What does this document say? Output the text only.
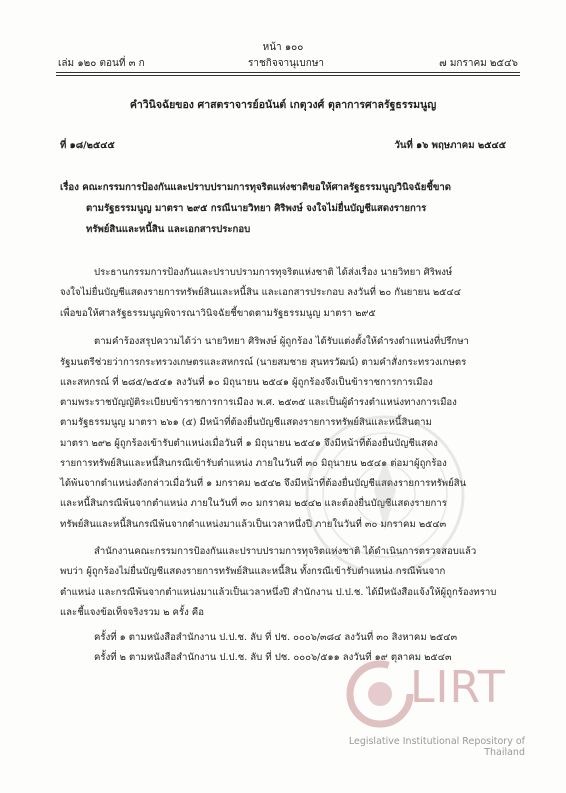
หน้า ๑๐๐
เล่ม ๑๒๐ ตอนที่ ๓ ก	ราชกิจจานุเบกษา	๗ มกราคม ๒๕๔๖
คำวินิจฉัยของ ศาสตราจารย์อนันต์ เกตุวงศ์ ตุลาการศาลรัฐธรรมนูญ
ที่ ๑๘/๒๕๔๕	วันที่ ๑๖ พฤษภาคม ๒๕๔๕
เรื่อง คณะกรรมการป้องกันและปราบปรามการทุจริตแห่งชาติขอให้ศาลรัฐธรรมนูญวินิจฉัยชี้ขาด
ตามรัฐธรรมนูญ มาตรา ๒๙๕ กรณีนายวิทยา ศิริพงษ์ จงใจไม่ยื่นบัญชีแสดงรายการ
ทรัพย์สินและหนี้สิน และเอกสารประกอบ
ประธานกรรมการป้องกันและปราบปรามการทุจริตแห่งชาติ ได้ส่งเรื่อง นายวิทยา ศิริพงษ์
จงใจไม่ยื่นบัญชีแสดงรายการทรัพย์สินและหนี้สิน และเอกสารประกอบ ลงวันที่ ๒๐ กันยายน ๒๕๔๔
เพื่อขอให้ศาลรัฐธรรมนูญพิจารณาวินิจฉัยชี้ขาดตามรัฐธรรมนูญ มาตรา ๒๙๕
ตามคำร้องสรุปความได้ว่า นายวิทยา ศิริพงษ์ ผู้ถูกร้อง ได้รับแต่งตั้งให้ดำรงตำแหน่งที่ปรึกษา
รัฐมนตรีช่วยว่าการกระทรวงเกษตรและสหกรณ์ (นายสมชาย สุนทรวัฒน์) ตามคำสั่งกระทรวงเกษตร
และสหกรณ์ ที่ ๒๘๕/๒๕๔๑ ลงวันที่ ๑๐ มิถุนายน ๒๕๔๑ ผู้ถูกร้องจึงเป็นข้าราชการการเมือง
ตามพระราชบัญญัติระเบียบข้าราชการการเมือง พ.ศ. ๒๕๓๕ และเป็นผู้ดำรงตำแหน่งทางการเมือง
ตามรัฐธรรมนูญ มาตรา ๒๖๑ (๕) มีหน้าที่ต้องยื่นบัญชีแสดงรายการทรัพย์สินและหนี้สินตาม
มาตรา ๒๙๒ ผู้ถูกร้องเข้ารับตำแหน่งเมื่อวันที่ ๑ มิถุนายน ๒๕๔๑ จึงมีหน้าที่ต้องยื่นบัญชีแสดง
รายการทรัพย์สินและหนี้สินกรณีเข้ารับตำแหน่ง ภายในวันที่ ๓๐ มิถุนายน ๒๕๔๑ ต่อมาผู้ถูกร้อง
ได้พ้นจากตำแหน่งดังกล่าวเมื่อวันที่ ๑ มกราคม ๒๕๔๒ จึงมีหน้าที่ต้องยื่นบัญชีแสดงรายการทรัพย์สิน
และหนี้สินกรณีพ้นจากตำแหน่ง ภายในวันที่ ๓๐ มกราคม ๒๕๔๒ และต้องยื่นบัญชีแสดงรายการ
ทรัพย์สินและหนี้สินกรณีพ้นจากตำแหน่งมาแล้วเป็นเวลาหนึ่งปี ภายในวันที่ ๓๐ มกราคม ๒๕๔๓
สำนักงานคณะกรรมการป้องกันและปราบปรามการทุจริตแห่งชาติ ได้ดำเนินการตรวจสอบแล้ว
พบว่า ผู้ถูกร้องไม่ยื่นบัญชีแสดงรายการทรัพย์สินและหนี้สิน ทั้งกรณีเข้ารับตำแหน่ง กรณีพ้นจาก
ตำแหน่ง และกรณีพ้นจากตำแหน่งมาแล้วเป็นเวลาหนึ่งปี สำนักงาน ป.ป.ช. ได้มีหนังสือแจ้งให้ผู้ถูกร้องทราบ
และชี้แจงข้อเท็จจริงรวม ๒ ครั้ง คือ
ครั้งที่ ๑ ตามหนังสือสำนักงาน ป.ป.ช. ลับ ที่ ปช. ๐๐๐๖/๓๘๔ ลงวันที่ ๓๐ สิงหาคม ๒๕๔๓
ครั้งที่ ๒ ตามหนังสือสำนักงาน ป.ป.ช. ลับ ที่ ปช. ๐๐๐๖/๕๑๑ ลงวันที่ ๑๙ ตุลาคม ๒๕๔๓
LIRT
Legislative Institutional Repository of Thailand
